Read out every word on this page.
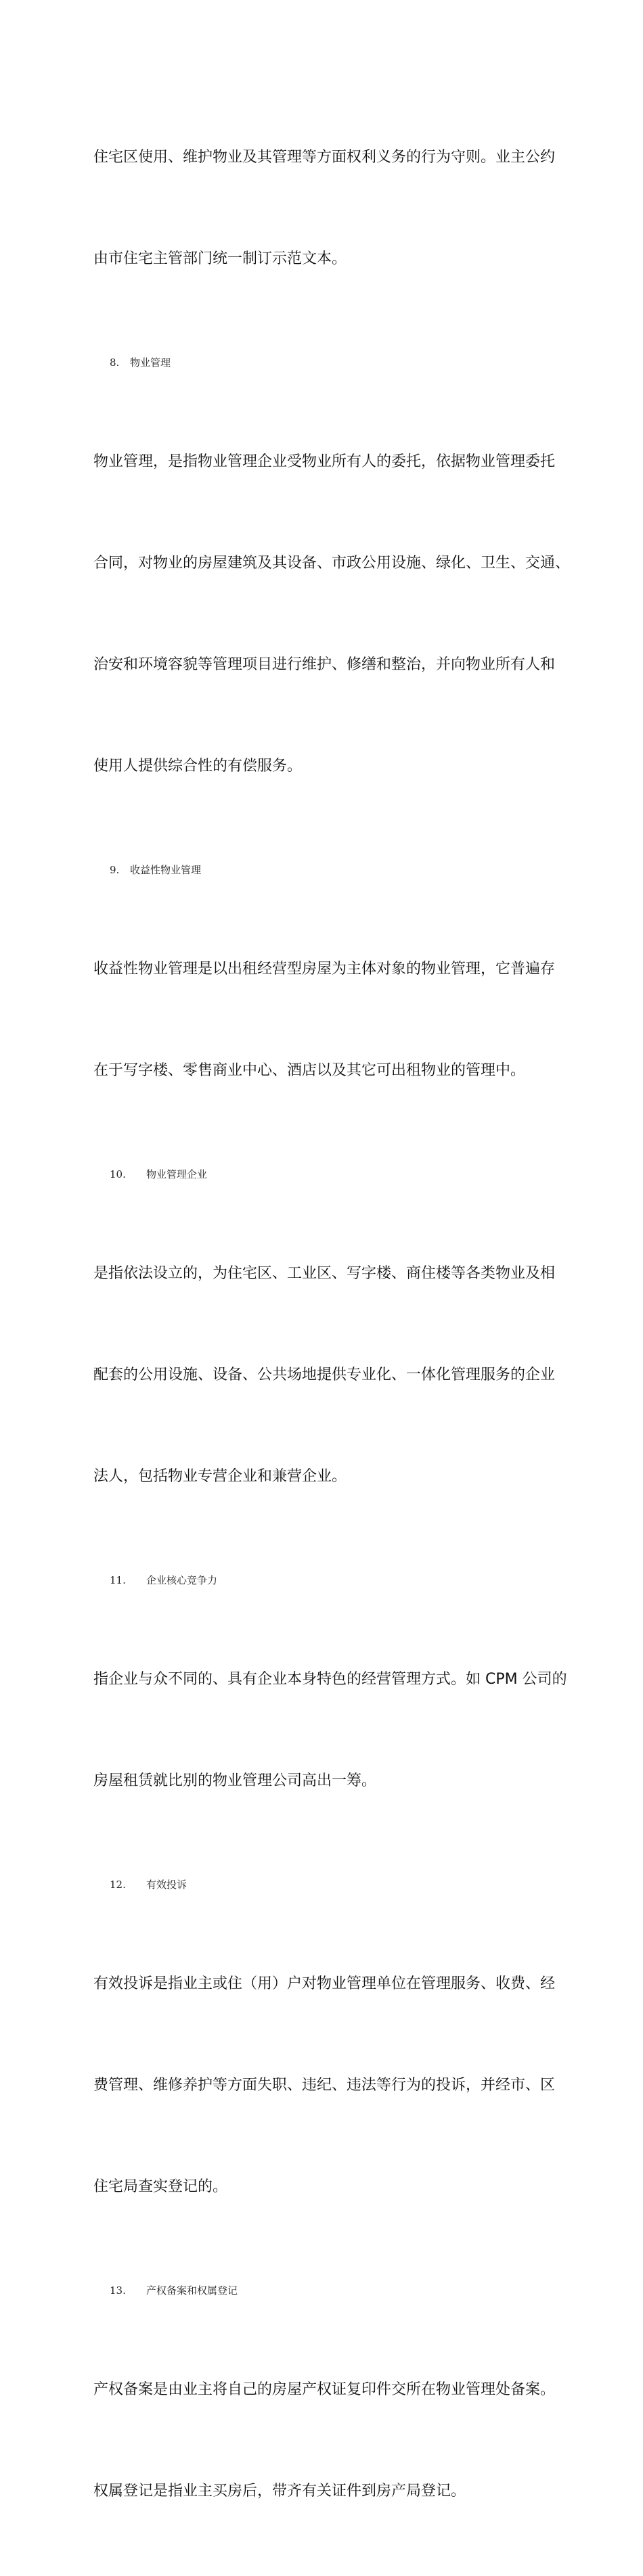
住宅区使用、维护物业及其管理等方面权利义务的行为守则。业主公约

由市住宅主管部门统一制订示范文本。

8.	物业管理

物业管理，是指物业管理企业受物业所有人的委托，依据物业管理委托

合同，对物业的房屋建筑及其设备、市政公用设施、绿化、卫生、交通、

治安和环境容貌等管理项目进行维护、修缮和整治，并向物业所有人和

使用人提供综合性的有偿服务。

9.	收益性物业管理

收益性物业管理是以出租经营型房屋为主体对象的物业管理，它普遍存

在于写字楼、零售商业中心、酒店以及其它可出租物业的管理中。

10.	物业管理企业

是指依法设立的，为住宅区、工业区、写字楼、商住楼等各类物业及相

配套的公用设施、设备、公共场地提供专业化、一体化管理服务的企业

法人，包括物业专营企业和兼营企业。

11.	企业核心竞争力

指企业与众不同的、具有企业本身特色的经营管理方式。如 CPM 公司的

房屋租赁就比别的物业管理公司高出一筹。

12.	有效投诉

有效投诉是指业主或住（用）户对物业管理单位在管理服务、收费、经

费管理、维修养护等方面失职、违纪、违法等行为的投诉，并经市、区

住宅局查实登记的。

13.	产权备案和权属登记

产权备案是由业主将自己的房屋产权证复印件交所在物业管理处备案。

权属登记是指业主买房后，带齐有关证件到房产局登记。
